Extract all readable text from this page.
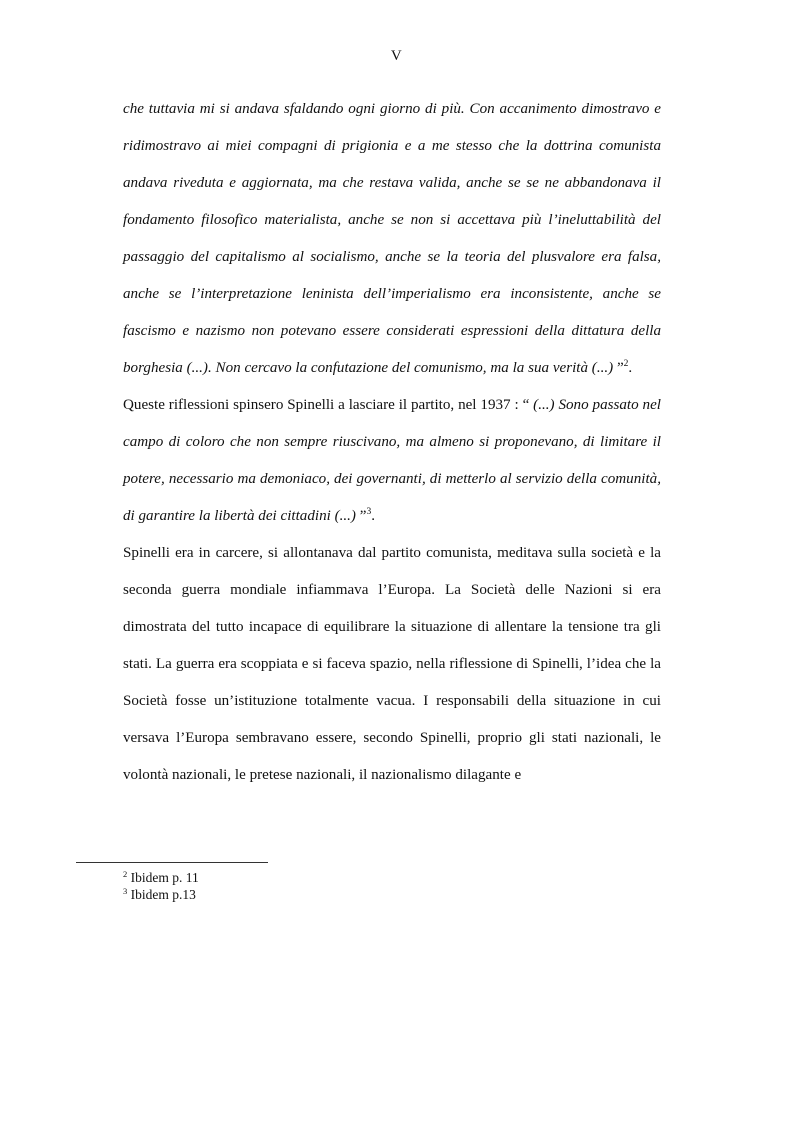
V

che tuttavia mi si andava sfaldando ogni giorno di più. Con accanimento dimostravo e ridimostravo ai miei compagni di prigionia e a me stesso che la dottrina comunista andava riveduta e aggiornata, ma che restava valida, anche se se ne abbandonava il fondamento filosofico materialista, anche se non si accettava più l’ineluttabilità del passaggio del capitalismo al socialismo, anche se la teoria del plusvalore era falsa, anche se l’interpretazione leninista dell’imperialismo era inconsistente, anche se fascismo e nazismo non potevano essere considerati espressioni della dittatura della borghesia (...). Non cercavo la confutazione del comunismo, ma la sua verità (...) ”$^2$.

Queste riflessioni spinsero Spinelli a lasciare il partito, nel 1937 : “ (...) Sono passato nel campo di coloro che non sempre riuscivano, ma almeno si proponevano, di limitare il potere, necessario ma demoniaco, dei governanti, di metterlo al servizio della comunità, di garantire la libertà dei cittadini (...) ”$^3$.

Spinelli era in carcere, si allontanava dal partito comunista, meditava sulla società e la seconda guerra mondiale infiammava l’Europa. La Società delle Nazioni si era dimostrata del tutto incapace di equilibrare la situazione di allentare la tensione tra gli stati. La guerra era scoppiata e si faceva spazio, nella riflessione di Spinelli, l’idea che la Società fosse un’istituzione totalmente vacua. I responsabili della situazione in cui versava l’Europa sembravano essere, secondo Spinelli, proprio gli stati nazionali, le volontà nazionali, le pretese nazionali, il nazionalismo dilagante e

$^2$ Ibidem p. 11
$^3$ Ibidem p.13
